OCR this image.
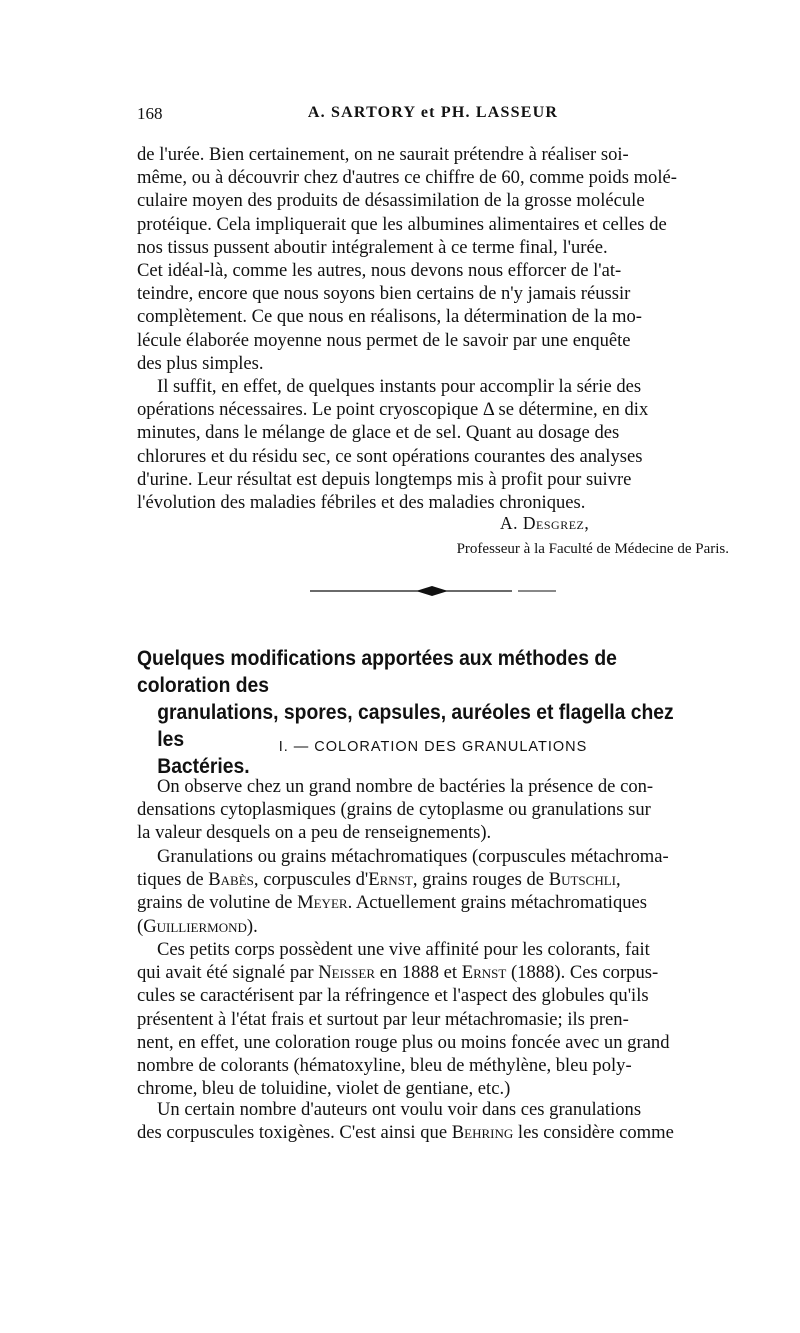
168	A. SARTORY et PH. LASSEUR

de l'urée. Bien certainement, on ne saurait prétendre à réaliser soi-

même, ou à découvrir chez d'autres ce chiffre de 60, comme poids molé-

culaire moyen des produits de désassimilation de la grosse molécule

protéique. Cela impliquerait que les albumines alimentaires et celles de

nos tissus pussent aboutir intégralement à ce terme final, l'urée.

Cet idéal-là, comme les autres, nous devons nous efforcer de l'at-

teindre, encore que nous soyons bien certains de n'y jamais réussir

complètement. Ce que nous en réalisons, la détermination de la mo-

lécule élaborée moyenne nous permet de le savoir par une enquête

des plus simples.

Il suffit, en effet, de quelques instants pour accomplir la série des

opérations nécessaires. Le point cryoscopique Δ se détermine, en dix

minutes, dans le mélange de glace et de sel. Quant au dosage des

chlorures et du résidu sec, ce sont opérations courantes des analyses

d'urine. Leur résultat est depuis longtemps mis à profit pour suivre

l'évolution des maladies fébriles et des maladies chroniques.

A. Desgrez,
Professeur à la Faculté de Médecine de Paris.
Quelques modifications apportées aux méthodes de coloration des
granulations, spores, capsules, auréoles et flagella chez les
Bactéries.
I. — COLORATION DES GRANULATIONS

On observe chez un grand nombre de bactéries la présence de con-

densations cytoplasmiques (grains de cytoplasme ou granulations sur

la valeur desquels on a peu de renseignements).

Granulations ou grains métachromatiques (corpuscules métachroma-

tiques de Babès, corpuscules d'Ernst, grains rouges de Butschli,

grains de volutine de Meyer. Actuellement grains métachromatiques

(Guilliermond).

Ces petits corps possèdent une vive affinité pour les colorants, fait

qui avait été signalé par Neisser en 1888 et Ernst (1888). Ces corpus-

cules se caractérisent par la réfringence et l'aspect des globules qu'ils

présentent à l'état frais et surtout par leur métachromasie; ils pren-

nent, en effet, une coloration rouge plus ou moins foncée avec un grand

nombre de colorants (hématoxyline, bleu de méthylène, bleu poly-

chrome, bleu de toluidine, violet de gentiane, etc.)

Un certain nombre d'auteurs ont voulu voir dans ces granulations

des corpuscules toxigènes. C'est ainsi que Behring les considère comme
